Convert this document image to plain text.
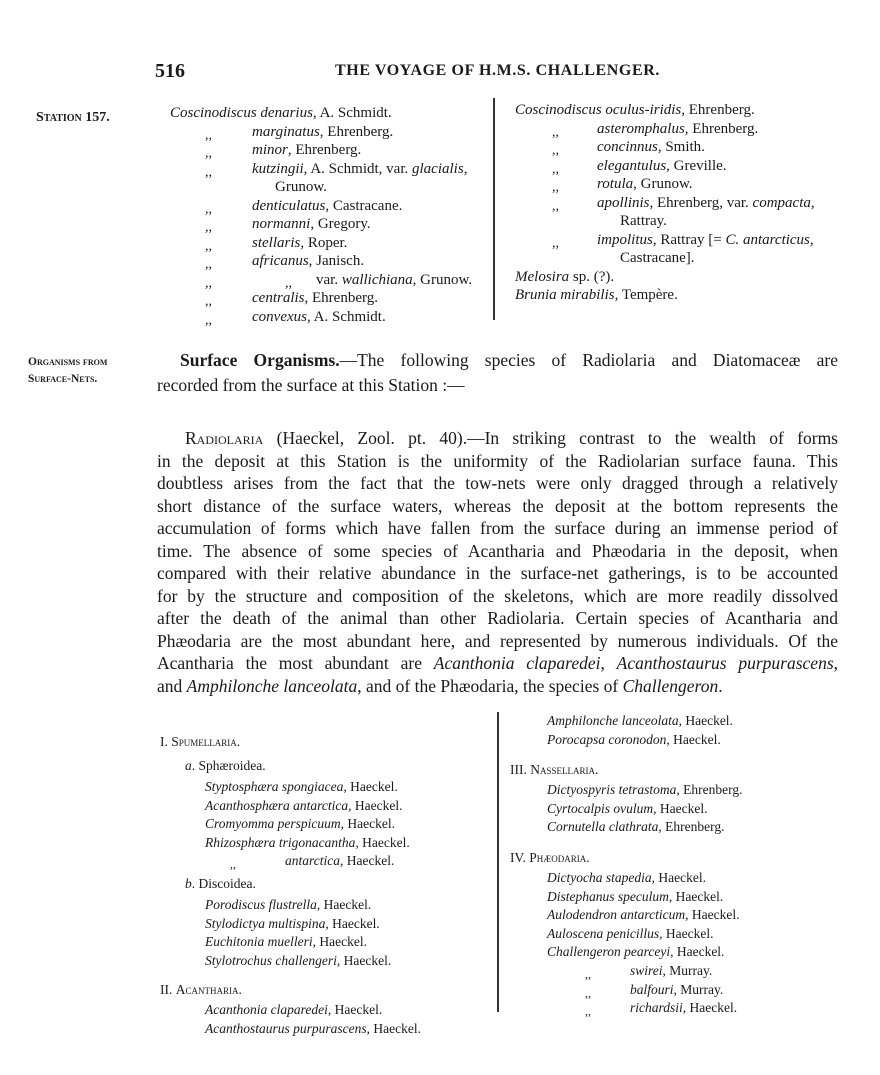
516	THE VOYAGE OF H.M.S. CHALLENGER.
Station 157.
Organisms from
Surface-Nets.
Coscinodiscus denarius, A. Schmidt.
,,	marginatus, Ehrenberg.
,,	minor, Ehrenberg.
,,	kutzingii, A. Schmidt, var. glacialis,
Grunow.
,,	denticulatus, Castracane.
,,	normanni, Gregory.
,,	stellaris, Roper.
,,	africanus, Janisch.
,,	,, var. wallichiana, Grunow.
,,	centralis, Ehrenberg.
,,	convexus, A. Schmidt.
Coscinodiscus oculus-iridis, Ehrenberg.
,,	asteromphalus, Ehrenberg.
,,	concinnus, Smith.
,,	elegantulus, Greville.
,,	rotula, Grunow.
,,	apollinis, Ehrenberg, var. compacta,
Rattray.
,,	impolitus, Rattray [= C. antarcticus,
Castracane].
Melosira sp. (?).
Brunia mirabilis, Tempère.
Surface Organisms.—The following species of Radiolaria and Diatomaceæ are
recorded from the surface at this Station :—
Radiolaria (Haeckel, Zool. pt. 40).—In striking contrast to the wealth of forms
in the deposit at this Station is the uniformity of the Radiolarian surface fauna. This
doubtless arises from the fact that the tow-nets were only dragged through a relatively
short distance of the surface waters, whereas the deposit at the bottom represents the
accumulation of forms which have fallen from the surface during an immense period of
time. The absence of some species of Acantharia and Phæodaria in the deposit, when
compared with their relative abundance in the surface-net gatherings, is to be accounted
for by the structure and composition of the skeletons, which are more readily dissolved
after the death of the animal than other Radiolaria. Certain species of Acantharia and
Phæodaria are the most abundant here, and represented by numerous individuals. Of the
Acantharia the most abundant are Acanthonia claparedei, Acanthostaurus purpurascens,
and Amphilonche lanceolata, and of the Phæodaria, the species of Challengeron.
I. Spumellaria.
a. Sphæroidea.
Styptosphæra spongiacea, Haeckel.
Acanthosphæra antarctica, Haeckel.
Cromyomma perspicuum, Haeckel.
Rhizosphæra trigonacantha, Haeckel.
,,	antarctica, Haeckel.
b. Discoidea.
Porodiscus flustrella, Haeckel.
Stylodictya multispina, Haeckel.
Euchitonia muelleri, Haeckel.
Stylotrochus challengeri, Haeckel.
II. Acantharia.
Acanthonia claparedei, Haeckel.
Acanthostaurus purpurascens, Haeckel.
Amphilonche lanceolata, Haeckel.
Porocapsa coronodon, Haeckel.
III. Nassellaria.
Dictyospyris tetrastoma, Ehrenberg.
Cyrtocalpis ovulum, Haeckel.
Cornutella clathrata, Ehrenberg.
IV. Phæodaria.
Dictyocha stapedia, Haeckel.
Distephanus speculum, Haeckel.
Aulodendron antarcticum, Haeckel.
Auloscena penicillus, Haeckel.
Challengeron pearceyi, Haeckel.
,,	swirei, Murray.
,,	balfouri, Murray.
,,	richardsii, Haeckel.
